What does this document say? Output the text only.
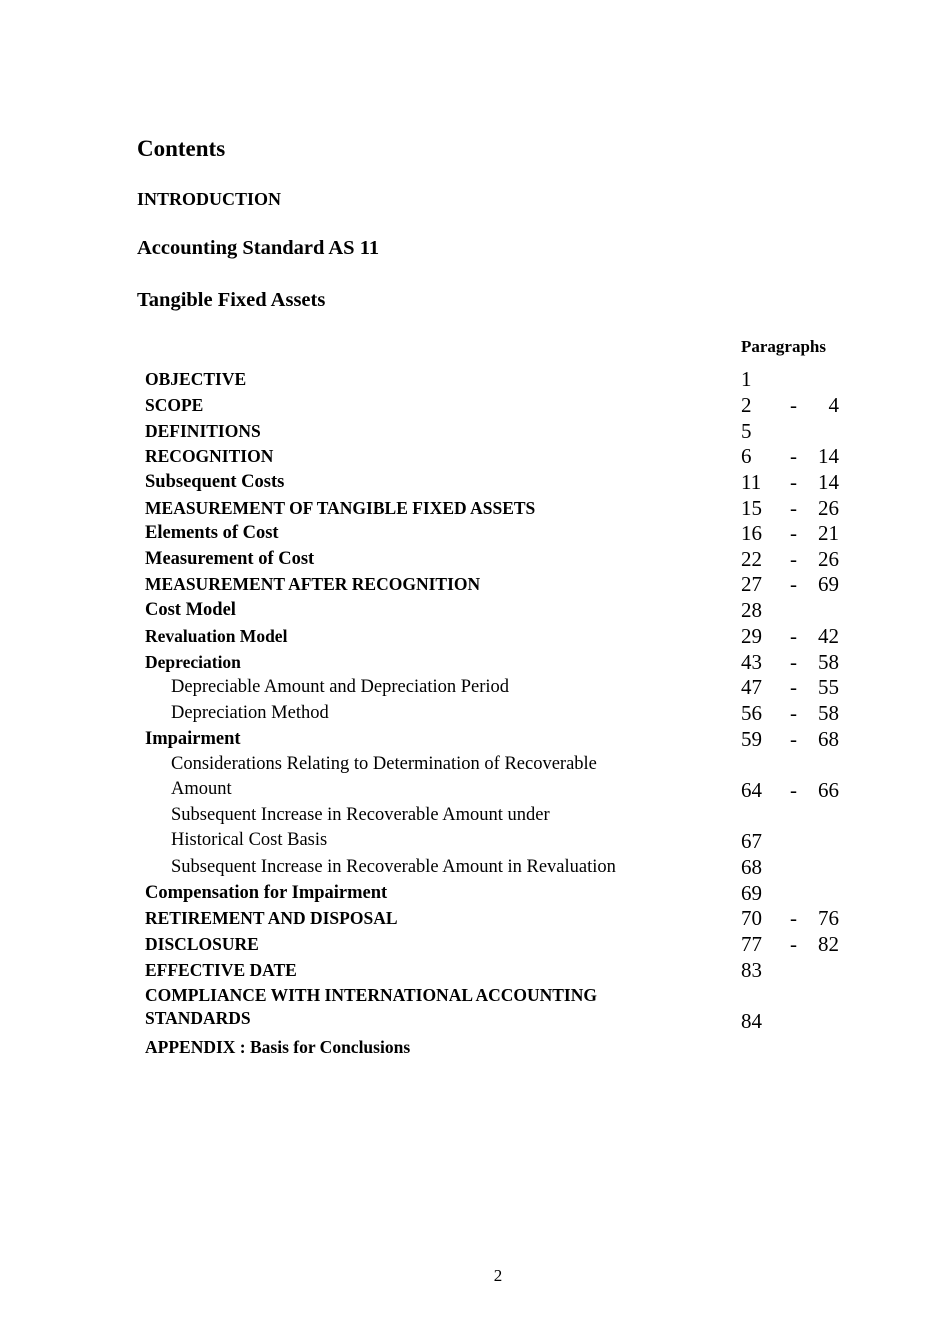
Contents
INTRODUCTION
Accounting Standard AS 11
Tangible Fixed Assets
Paragraphs
OBJECTIVE	1
SCOPE	2	-	4
DEFINITIONS	5
RECOGNITION	6	- 14
Subsequent Costs	11 - 14
MEASUREMENT OF TANGIBLE FIXED ASSETS	15 - 26
Elements of Cost	16 - 21
Measurement of Cost	22 - 26
MEASUREMENT AFTER RECOGNITION	27 - 69
Cost Model	28
Revaluation Model	29 - 42
Depreciation	43 - 58
Depreciable Amount and Depreciation Period	47 - 55
Depreciation Method	56 - 58
Impairment	59 - 68
Considerations Relating to Determination of Recoverable
Amount	64 - 66
Subsequent Increase in Recoverable Amount under
Historical Cost Basis	67
Subsequent Increase in Recoverable Amount in Revaluation	68
Compensation for Impairment	69
RETIREMENT AND DISPOSAL	70 - 76
DISCLOSURE	77 - 82
EFFECTIVE DATE	83
COMPLIANCE WITH INTERNATIONAL ACCOUNTING
STANDARDS	84
APPENDIX : Basis for Conclusions
2
